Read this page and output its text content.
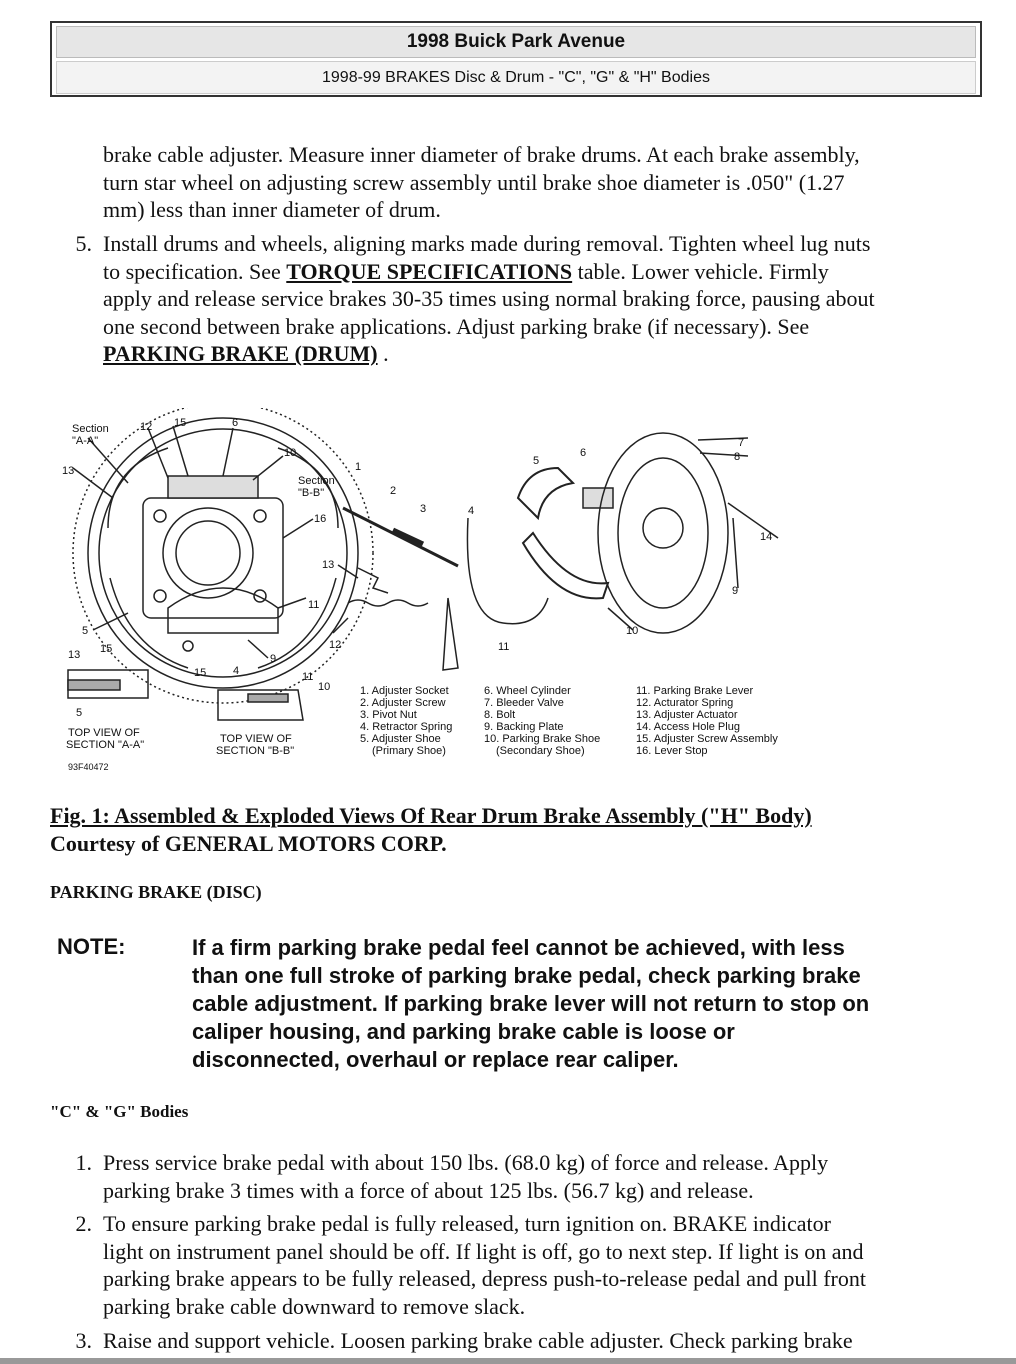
1998 Buick Park Avenue
1998-99 BRAKES Disc & Drum - "C", "G" & "H" Bodies
brake cable adjuster. Measure inner diameter of brake drums. At each brake assembly,
turn star wheel on adjusting screw assembly until brake shoe diameter is .050" (1.27
mm) less than inner diameter of drum.
5. Install drums and wheels, aligning marks made during removal. Tighten wheel lug nuts
to specification. See TORQUE SPECIFICATIONS table. Lower vehicle. Firmly
apply and release service brakes 30-35 times using normal braking force, pausing about
one second between brake applications. Adjust parking brake (if necessary). See
PARKING BRAKE (DRUM) .
Section
"A-A"
Section
"B-B"
12 15	6
13
10
16
13
11
5
13 15
15 4
9
12
11
10
5
1
2
3	4
5
6
7
8
14
9
10
11
TOP VIEW OF
SECTION "A-A"	TOP VIEW OF
SECTION "B-B"
93F40472
1. Adjuster Socket
2. Adjuster Screw
3. Pivot Nut
4. Retractor Spring
5. Adjuster Shoe
(Primary Shoe)
6. Wheel Cylinder
7. Bleeder Valve
8. Bolt
9. Backing Plate
10. Parking Brake Shoe
(Secondary Shoe)
11. Parking Brake Lever
12. Acturator Spring
13. Adjuster Actuator
14. Access Hole Plug
15. Adjuster Screw Assembly
16. Lever Stop
Fig. 1: Assembled & Exploded Views Of Rear Drum Brake Assembly ("H" Body)
Courtesy of GENERAL MOTORS CORP.
PARKING BRAKE (DISC)
NOTE:	If a firm parking brake pedal feel cannot be achieved, with less
than one full stroke of parking brake pedal, check parking brake
cable adjustment. If parking brake lever will not return to stop on
caliper housing, and parking brake cable is loose or
disconnected, overhaul or replace rear caliper.
"C" & "G" Bodies
1. Press service brake pedal with about 150 lbs. (68.0 kg) of force and release. Apply
parking brake 3 times with a force of about 125 lbs. (56.7 kg) and release.
2. To ensure parking brake pedal is fully released, turn ignition on. BRAKE indicator
light on instrument panel should be off. If light is off, go to next step. If light is on and
parking brake appears to be fully released, depress push-to-release pedal and pull front
parking brake cable downward to remove slack.
3. Raise and support vehicle. Loosen parking brake cable adjuster. Check parking brake
